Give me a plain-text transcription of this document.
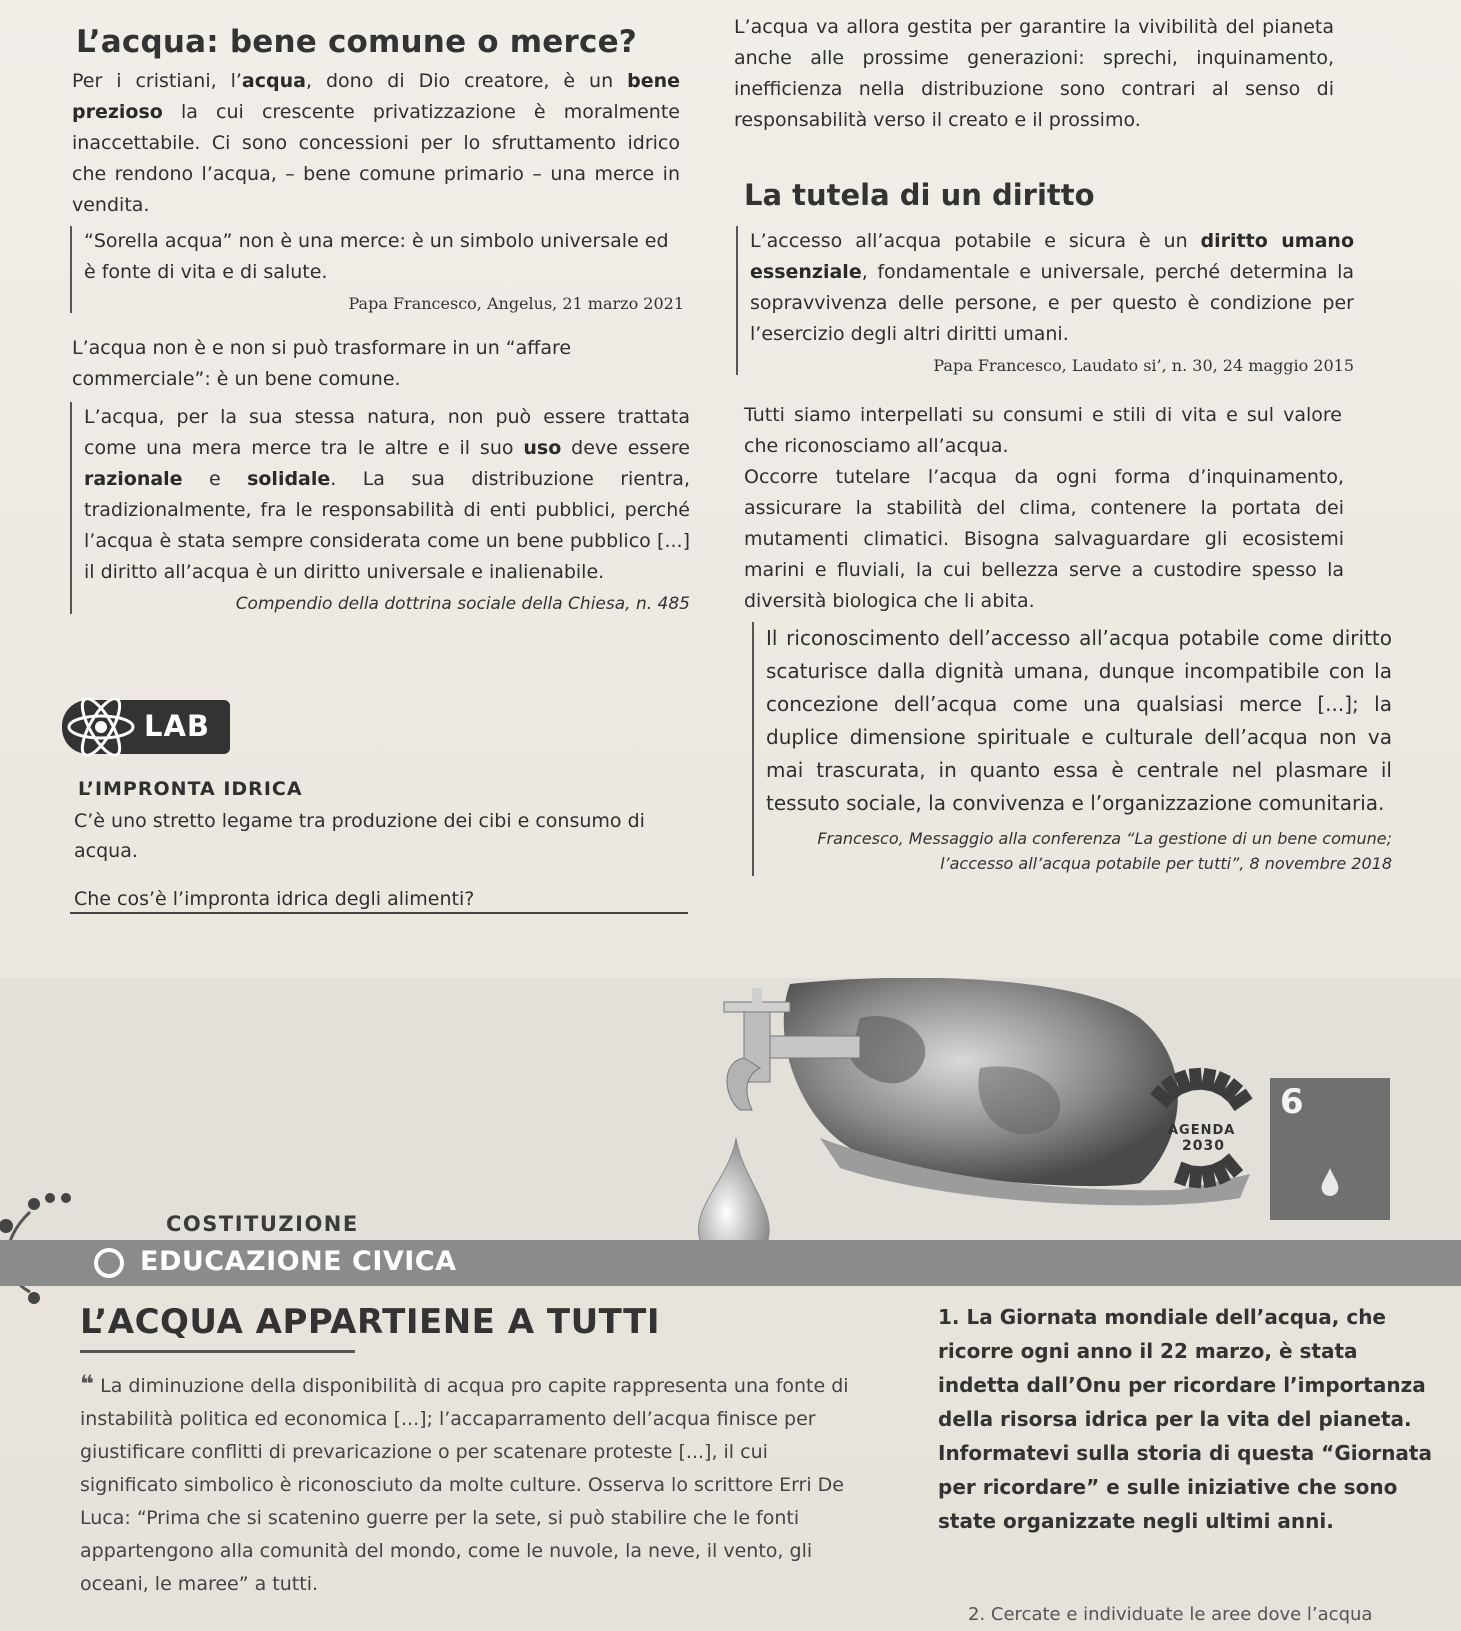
L’acqua: bene comune o merce?

Per i cristiani, l’acqua, dono di Dio creatore, è un bene prezioso la cui crescente privatizzazione è moralmente inaccettabile. Ci sono concessioni per lo sfruttamento idrico che rendono l’acqua, – bene comune primario – una merce in vendita.

“Sorella acqua” non è una merce: è un simbolo universale ed è fonte di vita e di salute.

Papa Francesco, Angelus, 21 marzo 2021

L’acqua non è e non si può trasformare in un “affare commerciale”: è un bene comune.

L’acqua, per la sua stessa natura, non può essere trattata come una mera merce tra le altre e il suo uso deve essere razionale e solidale. La sua distribuzione rientra, tradizionalmente, fra le responsabilità di enti pubblici, perché l’acqua è stata sempre considerata come un bene pubblico [...] il diritto all’acqua è un diritto universale e inalienabile.

Compendio della dottrina sociale della Chiesa, n. 485

LAB

L’IMPRONTA IDRICA

C’è uno stretto legame tra produzione dei cibi e consumo di acqua.

Che cos’è l’impronta idrica degli alimenti?

L’acqua va allora gestita per garantire la vivibilità del pianeta anche alle prossime generazioni: sprechi, inquinamento, inefficienza nella distribuzione sono contrari al senso di responsabilità verso il creato e il prossimo.

La tutela di un diritto

L’accesso all’acqua potabile e sicura è un diritto umano essenziale, fondamentale e universale, perché determina la sopravvivenza delle persone, e per questo è condizione per l’esercizio degli altri diritti umani.

Papa Francesco, Laudato si’, n. 30, 24 maggio 2015

Tutti siamo interpellati su consumi e stili di vita e sul valore che riconosciamo all’acqua.

Occorre tutelare l’acqua da ogni forma d’inquinamento, assicurare la stabilità del clima, contenere la portata dei mutamenti climatici. Bisogna salvaguardare gli ecosistemi marini e fluviali, la cui bellezza serve a custodire spesso la diversità biologica che li abita.

Il riconoscimento dell’accesso all’acqua potabile come diritto scaturisce dalla dignità umana, dunque incompatibile con la concezione dell’acqua come una qualsiasi merce [...]; la duplice dimensione spirituale e culturale dell’acqua non va mai trascurata, in quanto essa è centrale nel plasmare il tessuto sociale, la convivenza e l’organizzazione comunitaria.

Francesco, Messaggio alla conferenza “La gestione di un bene comune; l’accesso all’acqua potabile per tutti”, 8 novembre 2018

AGENDA
2030
6
COSTITUZIONE
EDUCAZIONE CIVICA
L’ACQUA APPARTIENE A TUTTI

❝ La diminuzione della disponibilità di acqua pro capite rappresenta una fonte di instabilità politica ed economica [...]; l’accaparramento dell’acqua finisce per giustificare conflitti di prevaricazione o per scatenare proteste [...], il cui significato simbolico è riconosciuto da molte culture. Osserva lo scrittore Erri De Luca: “Prima che si scatenino guerre per la sete, si può stabilire che le fonti appartengono alla comunità del mondo, come le nuvole, la neve, il vento, gli oceani, le maree” a tutti.

1. La Giornata mondiale dell’acqua, che ricorre ogni anno il 22 marzo, è stata indetta dall’Onu per ricordare l’importanza della risorsa idrica per la vita del pianeta. Informatevi sulla storia di questa “Giornata per ricordare” e sulle iniziative che sono state organizzate negli ultimi anni.

2. Cercate e individuate le aree dove l’acqua
